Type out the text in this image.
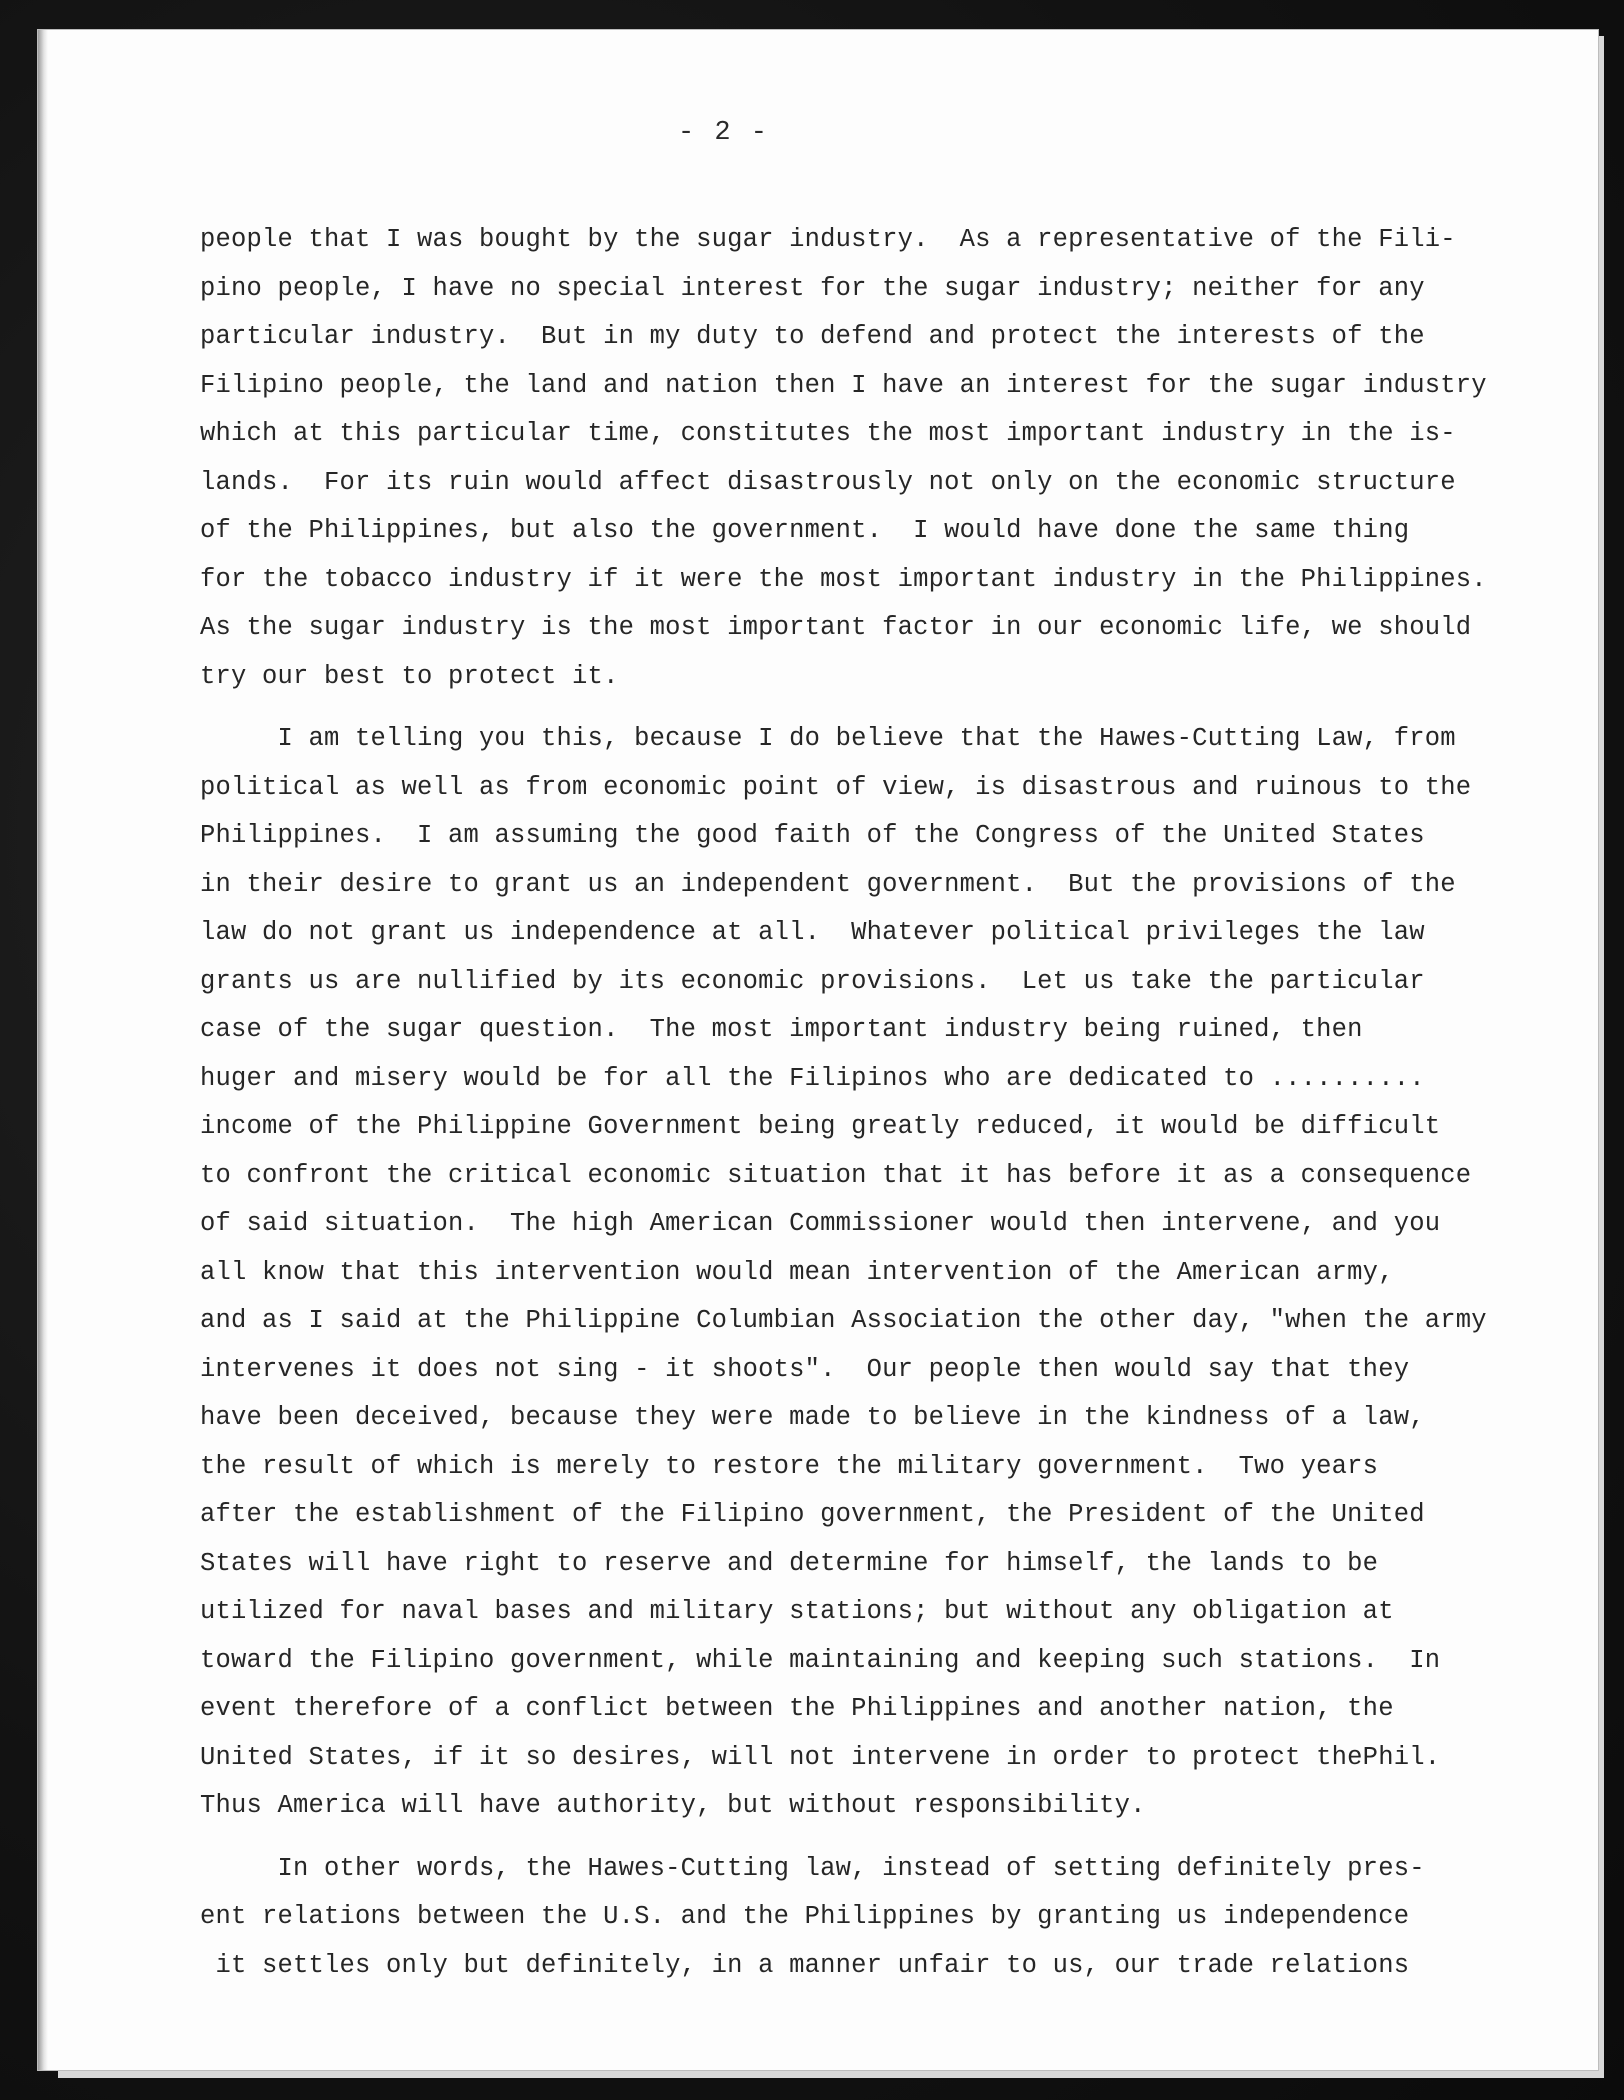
- 2 -
people that I was bought by the sugar industry.  As a representative of the Fili-
pino people, I have no special interest for the sugar industry; neither for any
particular industry.  But in my duty to defend and protect the interests of the
Filipino people, the land and nation then I have an interest for the sugar industry
which at this particular time, constitutes the most important industry in the is-
lands.  For its ruin would affect disastrously not only on the economic structure
of the Philippines, but also the government.  I would have done the same thing
for the tobacco industry if it were the most important industry in the Philippines.
As the sugar industry is the most important factor in our economic life, we should
try our best to protect it.
I am telling you this, because I do believe that the Hawes-Cutting Law, from
political as well as from economic point of view, is disastrous and ruinous to the
Philippines.  I am assuming the good faith of the Congress of the United States
in their desire to grant us an independent government.  But the provisions of the
law do not grant us independence at all.  Whatever political privileges the law
grants us are nullified by its economic provisions.  Let us take the particular
case of the sugar question.  The most important industry being ruined, then
huger and misery would be for all the Filipinos who are dedicated to ..........
income of the Philippine Government being greatly reduced, it would be difficult
to confront the critical economic situation that it has before it as a consequence
of said situation.  The high American Commissioner would then intervene, and you
all know that this intervention would mean intervention of the American army,
and as I said at the Philippine Columbian Association the other day, "when the army
intervenes it does not sing - it shoots".  Our people then would say that they
have been deceived, because they were made to believe in the kindness of a law,
the result of which is merely to restore the military government.  Two years
after the establishment of the Filipino government, the President of the United
States will have right to reserve and determine for himself, the lands to be
utilized for naval bases and military stations; but without any obligation at
toward the Filipino government, while maintaining and keeping such stations.  In
event therefore of a conflict between the Philippines and another nation, the
United States, if it so desires, will not intervene in order to protect thePhil.
Thus America will have authority, but without responsibility.
In other words, the Hawes-Cutting law, instead of setting definitely pres-
ent relations between the U.S. and the Philippines by granting us independence
it settles only but definitely, in a manner unfair to us, our trade relations
